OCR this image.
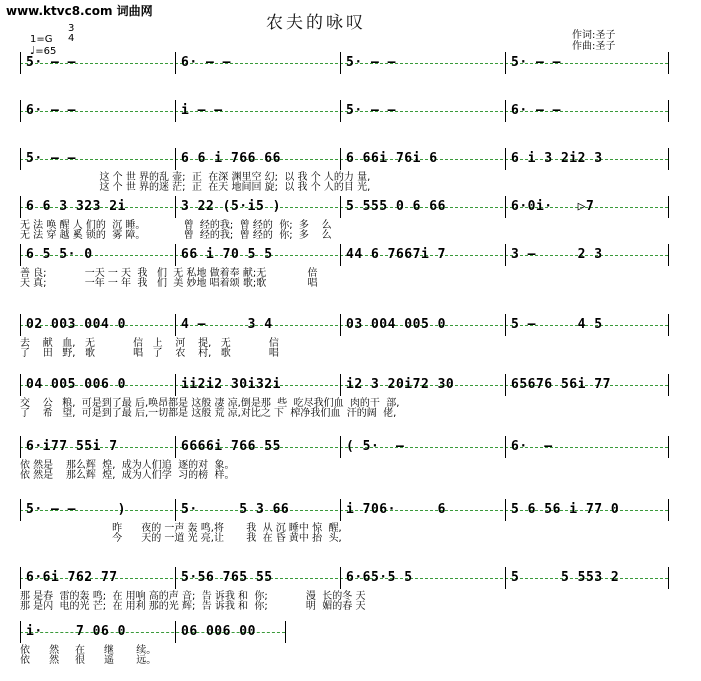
www.ktvc8.com 词曲网
农夫的咏叹
1=G
3
4
♩=65
作词:圣子
作曲:圣子
5· — —	6· — —	5· — —	5· — —
6· — —	i — —	5· — —	6· — —
5· — —	6 6 i 766 66	6 66i 76i 6	6 i 3 2i2 3
这 个 世 界的乱 壶;  正  在深 渊里空 幻;  以 我 个 人的力 量,
这 个 世 界的迷 茫;  正  在天 地间回 旋;  以 我 个 人的目 光,
6 6 3 323 2i	3 22 (5·i5 )	5 555 0 6 66	6·0i·   ▷7
无 法 唤 醒 人 们的  沉 睡。            曾  经的我;  曾 经的  你;  多    么
无 法 穿 越 奚 锁的  雾 障。            曾  经的我;  曾 经的  你;  多    么
6 5 5· 0	66 i 70 5 5	44 6 7667i 7	3 —     2 3
善 良;            一天 一 天  我   们  无 私地 做着奉 献;无             倍
天 真;            一年 一 年  我   们  美 妙地 唱着颂 歌;歌             唱
02 003 004 0	4 —     3 4	03 004 005 0	5 —     4 5
去    献   血,   无            信   上    河    提,   无            信
了    田   野,   歌            唱   了    农    村,   歌            唱
04 005 006 0	ii2i2 30i32i	i2 3 20i72 30	65676 56i 77
交    公   粮,  可是到了最 后,唤昂都是 这般 凄 凉,倒是那  些  吃尽我们血  肉的干  部,
了    希   望,  可是到了最 后,一切都是 这般 荒 凉,对比之 下  榨净我们血  汗的阔  佬,
6·i77 55i 7	6666i 766 55	( 5·  —	6·  —
依 然是    那么辉  煌,  成为人们追  逐的对  象。
依 然是    那么辉  煌,  成为人们学  习的榜  样。
5· — —     )	5·     5 3 66	i 706·     6	5 6 56 i 77 0
昨      夜的 一声 轰 鸣,将       我  从 沉 睡中 惊  醒,
今      天的 一道 光 亮,让       我  在 昏 黄中 抬  头,
6·6i 762 77	5·56 765 55	6·65·5 5	5     5 553 2
那 是春  雷的轰 鸣;  在 用响 高的声 音;  告 诉我 和  你;            漫  长的冬 天
那 是闪  电的光 芒;  在 用利 那的光 辉;  告 诉我 和  你;            明  媚的春 天
i·    7 06 0	06 006 00
依      然     在      继       续。
依      然     很      遥       远。
